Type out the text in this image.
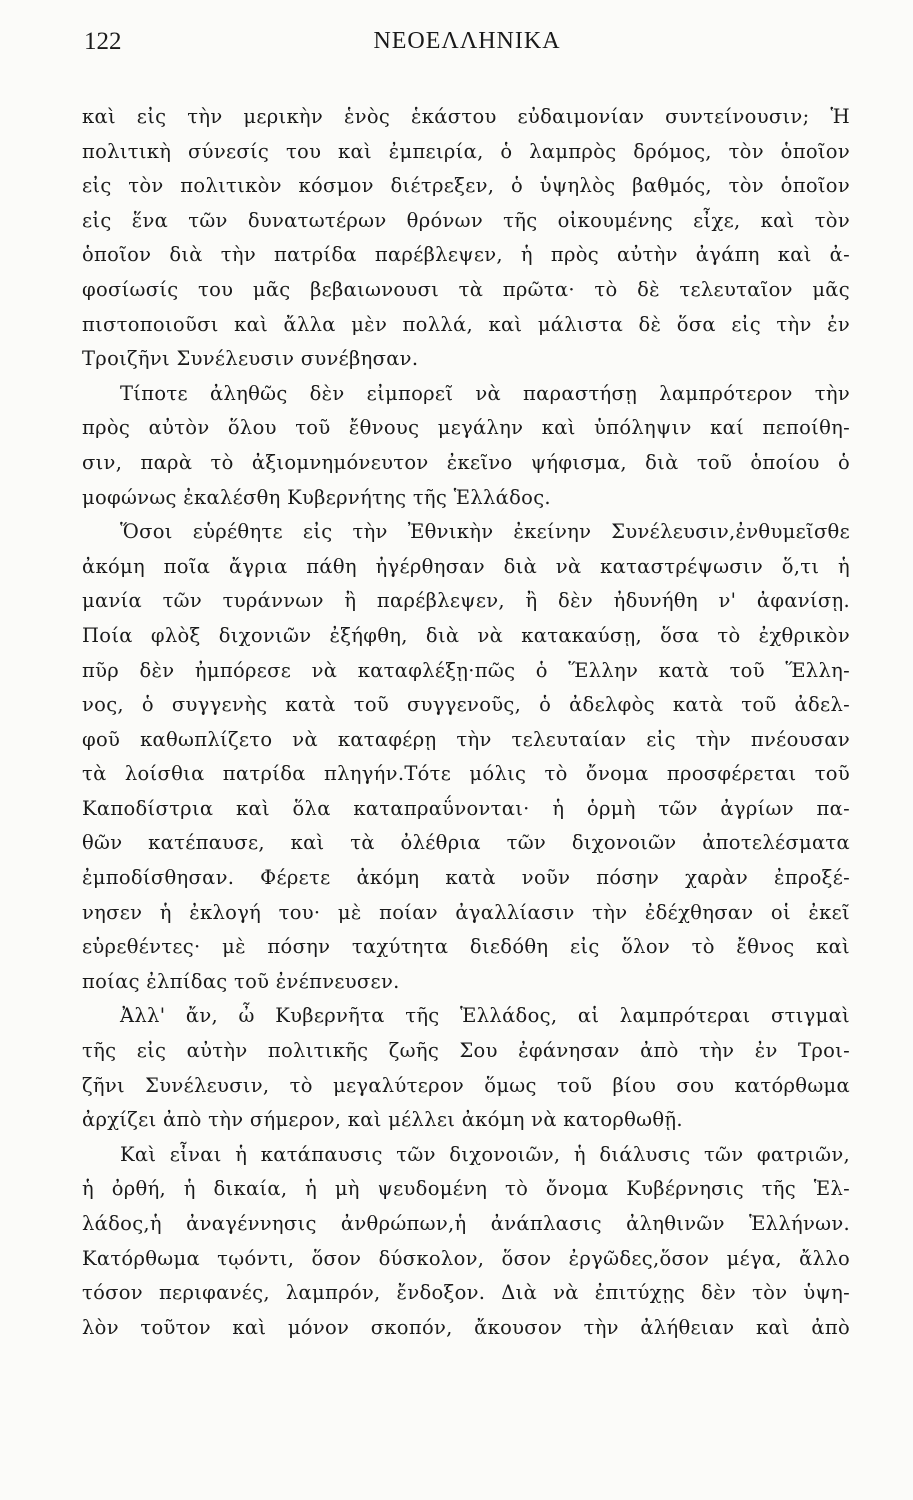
122	ΝΕΟΕΛΛΗΝΙΚΑ
καὶ εἰς τὴν μερικὴν ἑνὸς ἑκάστου εὐδαιμονίαν συντείνουσιν; Ἡ
πολιτικὴ σύνεσίς του καὶ ἐμπειρία, ὁ λαμπρὸς δρόμος, τὸν ὁποῖον
εἰς τὸν πολιτικὸν κόσμον διέτρεξεν, ὁ ὑψηλὸς βαθμός, τὸν ὁποῖον
εἰς ἕνα τῶν δυνατωτέρων θρόνων τῆς οἰκουμένης εἶχε, καὶ τὸν
ὁποῖον διὰ τὴν πατρίδα παρέβλεψεν, ἡ πρὸς αὐτὴν ἀγάπη καὶ ἀ-
φοσίωσίς του μᾶς βεβαιωνουσι τὰ πρῶτα· τὸ δὲ τελευταῖον μᾶς
πιστοποιοῦσι καὶ ἄλλα μὲν πολλά, καὶ μάλιστα δὲ ὅσα εἰς τὴν ἐν
Τροιζῆνι Συνέλευσιν συνέβησαν.
Τίποτε ἀληθῶς δὲν εἰμπορεῖ νὰ παραστήσῃ λαμπρότερον τὴν
πρὸς αὐτὸν ὅλου τοῦ ἔθνους μεγάλην καὶ ὑπόληψιν καί πεποίθη-
σιν, παρὰ τὸ ἀξιομνημόνευτον ἐκεῖνο ψήφισμα, διὰ τοῦ ὁποίου ὁ
μοφώνως ἐκαλέσθη Κυβερνήτης τῆς Ἑλλάδος.
Ὅσοι εὑρέθητε εἰς τὴν Ἐθνικὴν ἐκείνην Συνέλευσιν,ἐνθυμεῖσθε
ἀκόμη ποῖα ἄγρια πάθη ἠγέρθησαν διὰ νὰ καταστρέψωσιν ὅ,τι ἡ
μανία τῶν τυράννων ἢ παρέβλεψεν, ἢ δὲν ἠδυνήθη ν' ἀφανίσῃ.
Ποία φλὸξ διχονιῶν ἐξήφθη, διὰ νὰ κατακαύσῃ, ὅσα τὸ ἐχθρικὸν
πῦρ δὲν ἠμπόρεσε νὰ καταφλέξῃ·πῶς ὁ Ἕλλην κατὰ τοῦ Ἕλλη-
νος, ὁ συγγενὴς κατὰ τοῦ συγγενοῦς, ὁ ἀδελφὸς κατὰ τοῦ ἀδελ-
φοῦ καθωπλίζετο νὰ καταφέρῃ τὴν τελευταίαν εἰς τὴν πνέουσαν
τὰ λοίσθια πατρίδα πληγήν.Τότε μόλις τὸ ὄνομα προσφέρεται τοῦ
Καποδίστρια καὶ ὅλα καταπραΰνονται· ἡ ὁρμὴ τῶν ἀγρίων πα-
θῶν κατέπαυσε, καὶ τὰ ὀλέθρια τῶν διχονοιῶν ἀποτελέσματα
ἐμποδίσθησαν. Φέρετε ἀκόμη κατὰ νοῦν πόσην χαρὰν ἐπροξέ-
νησεν ἡ ἐκλογή του· μὲ ποίαν ἀγαλλίασιν τὴν ἐδέχθησαν οἱ ἐκεῖ
εὑρεθέντες· μὲ πόσην ταχύτητα διεδόθη εἰς ὅλον τὸ ἔθνος καὶ
ποίας ἐλπίδας τοῦ ἐνέπνευσεν.
Ἀλλ' ἄν, ὦ Κυβερνῆτα τῆς Ἑλλάδος, αἱ λαμπρότεραι στιγμαὶ
τῆς εἰς αὐτὴν πολιτικῆς ζωῆς Σου ἐφάνησαν ἀπὸ τὴν ἐν Τροι-
ζῆνι Συνέλευσιν, τὸ μεγαλύτερον ὅμως τοῦ βίου σου κατόρθωμα
ἀρχίζει ἀπὸ τὴν σήμερον, καὶ μέλλει ἀκόμη νὰ κατορθωθῇ.
Καὶ εἶναι ἡ κατάπαυσις τῶν διχονοιῶν, ἡ διάλυσις τῶν φατριῶν,
ἡ ὀρθή, ἡ δικαία, ἡ μὴ ψευδομένη τὸ ὄνομα Κυβέρνησις τῆς Ἑλ-
λάδος,ἡ ἀναγέννησις ἀνθρώπων,ἡ ἀνάπλασις ἀληθινῶν Ἑλλήνων.
Κατόρθωμα τῳόντι, ὅσον δύσκολον, ὅσον ἐργῶδες,ὅσον μέγα, ἄλλο
τόσον περιφανές, λαμπρόν, ἔνδοξον. Διὰ νὰ ἐπιτύχῃς δὲν τὸν ὑψη-
λὸν τοῦτον καὶ μόνον σκοπόν, ἄκουσον τὴν ἀλήθειαν καὶ ἀπὸ
